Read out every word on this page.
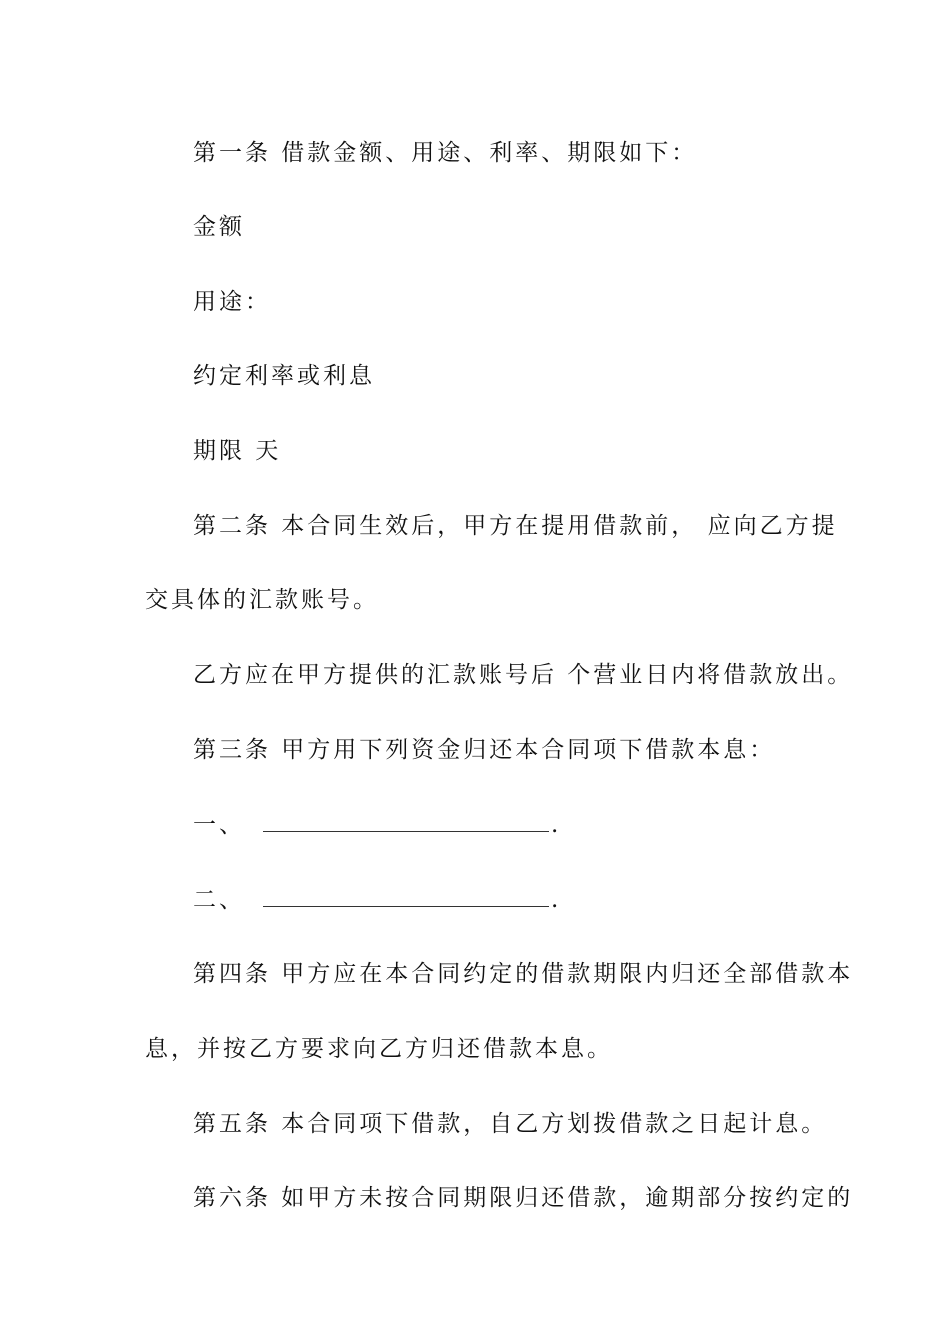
第一条 借款金额、用途、利率、期限如下：
金额
用途：
约定利率或利息
期限 天
第二条 本合同生效后，甲方在提用借款前， 应向乙方提
交具体的汇款账号。
乙方应在甲方提供的汇款账号后 个营业日内将借款放出。
第三条 甲方用下列资金归还本合同项下借款本息：
一、	.
二、	.
第四条 甲方应在本合同约定的借款期限内归还全部借款本
息，并按乙方要求向乙方归还借款本息。
第五条 本合同项下借款，自乙方划拨借款之日起计息。
第六条 如甲方未按合同期限归还借款，逾期部分按约定的
